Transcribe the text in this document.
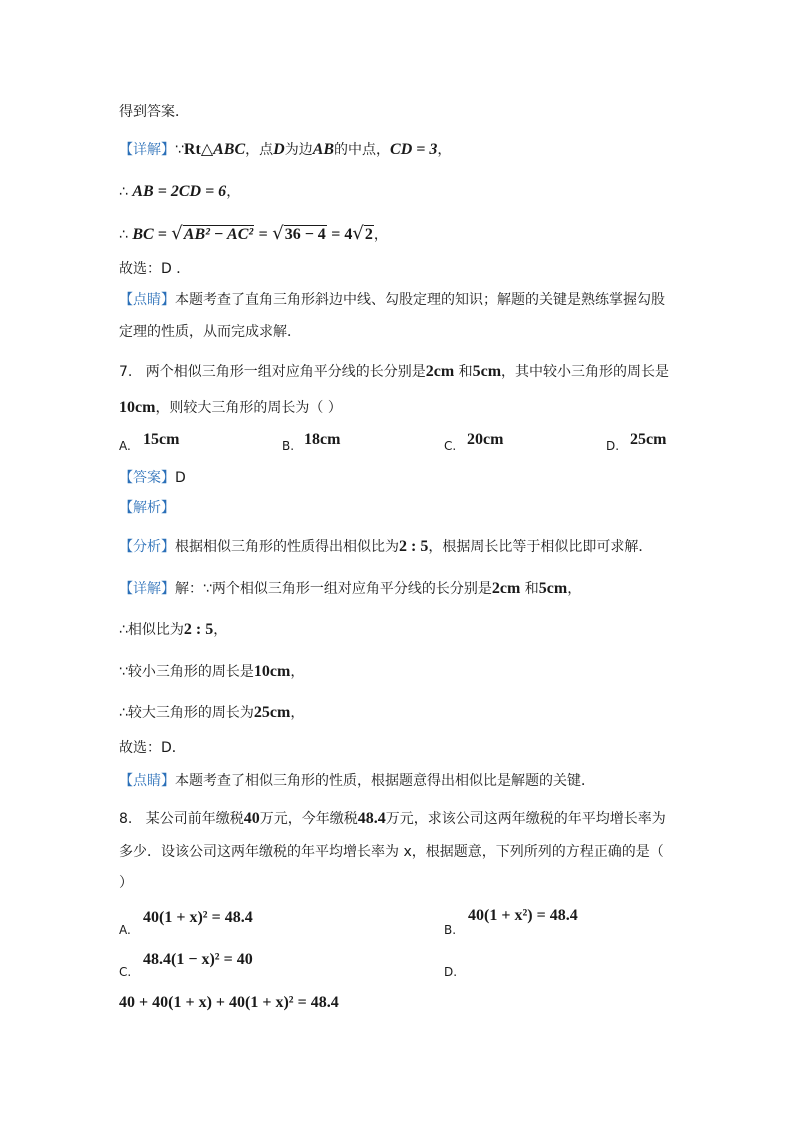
得到答案．
【详解】∵Rt△ABC，点D为边AB的中点，CD = 3，
∴ AB = 2CD = 6，
∴ BC = √AB² − AC² = √36 − 4 = 4√2，
故选：D ．
【点睛】本题考查了直角三角形斜边中线、勾股定理的知识；解题的关键是熟练掌握勾股
定理的性质，从而完成求解．
7. 两个相似三角形一组对应角平分线的长分别是2cm 和5cm，其中较小三角形的周长是
10cm，则较大三角形的周长为（ ）
A. 15cm	B. 18cm	C. 20cm	D. 25cm
【答案】D
【解析】
【分析】根据相似三角形的性质得出相似比为2 : 5，根据周长比等于相似比即可求解．
【详解】解：∵两个相似三角形一组对应角平分线的长分别是2cm 和5cm，
∴相似比为2 : 5，
∵较小三角形的周长是10cm，
∴较大三角形的周长为25cm，
故选：D．
【点睛】本题考查了相似三角形的性质，根据题意得出相似比是解题的关键．
8. 某公司前年缴税40万元，今年缴税48.4万元，求该公司这两年缴税的年平均增长率为
多少．设该公司这两年缴税的年平均增长率为 x，根据题意，下列所列的方程正确的是（
）
A.
40(1 + x)² = 48.4
B.
40(1 + x²) = 48.4
C.
48.4(1 − x)² = 40
D.
40 + 40(1 + x) + 40(1 + x)² = 48.4
